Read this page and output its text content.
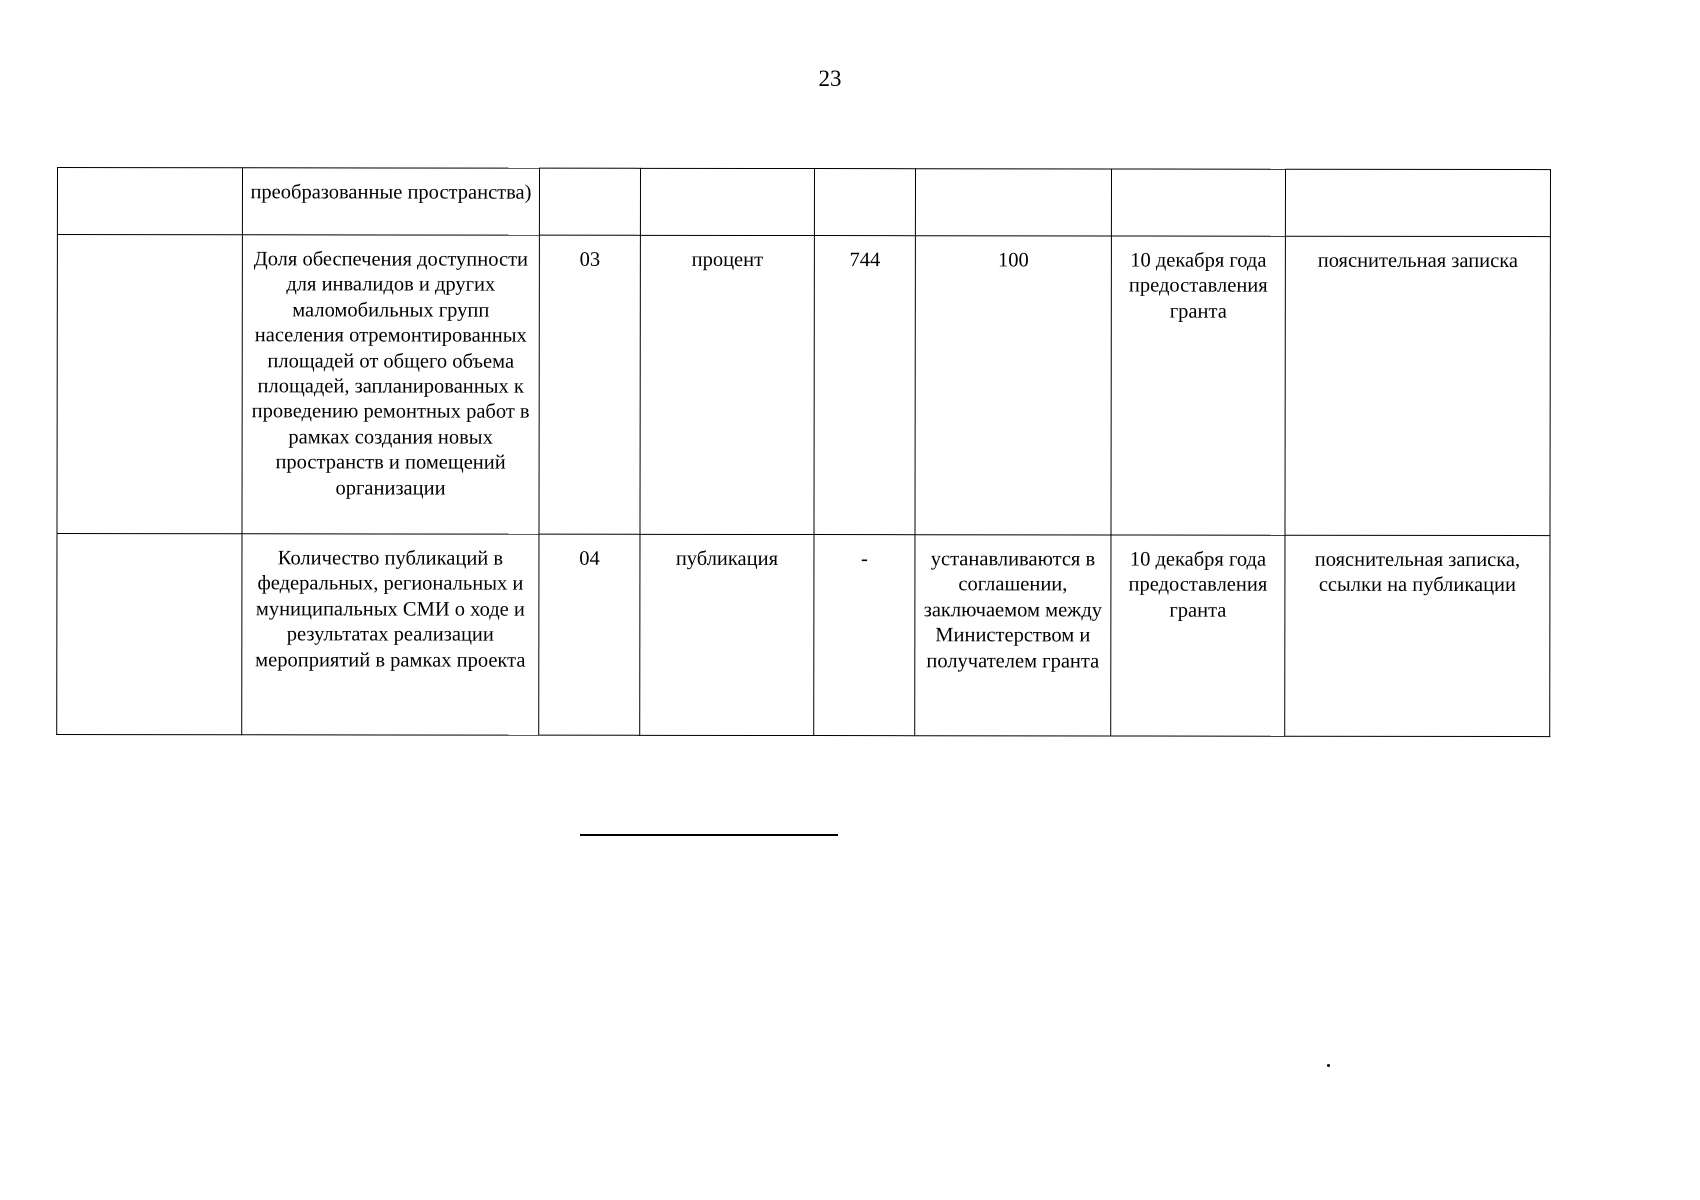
23
	преобразованные пространства)						
	Доля обеспечения доступности для инвалидов и других маломобильных групп населения отремонтированных площадей от общего объема площадей, запланированных к проведению ремонтных работ в рамках создания новых пространств и помещений организации	03	процент	744	100	10 декабря года предоставления гранта	пояснительная записка
	Количество публикаций в федеральных, региональных и муниципальных СМИ о ходе и результатах реализации мероприятий в рамках проекта	04	публикация	-	устанавливаются в соглашении, заключаемом между Министерством и получателем гранта	10 декабря года предоставления гранта	пояснительная записка, ссылки на публикации
